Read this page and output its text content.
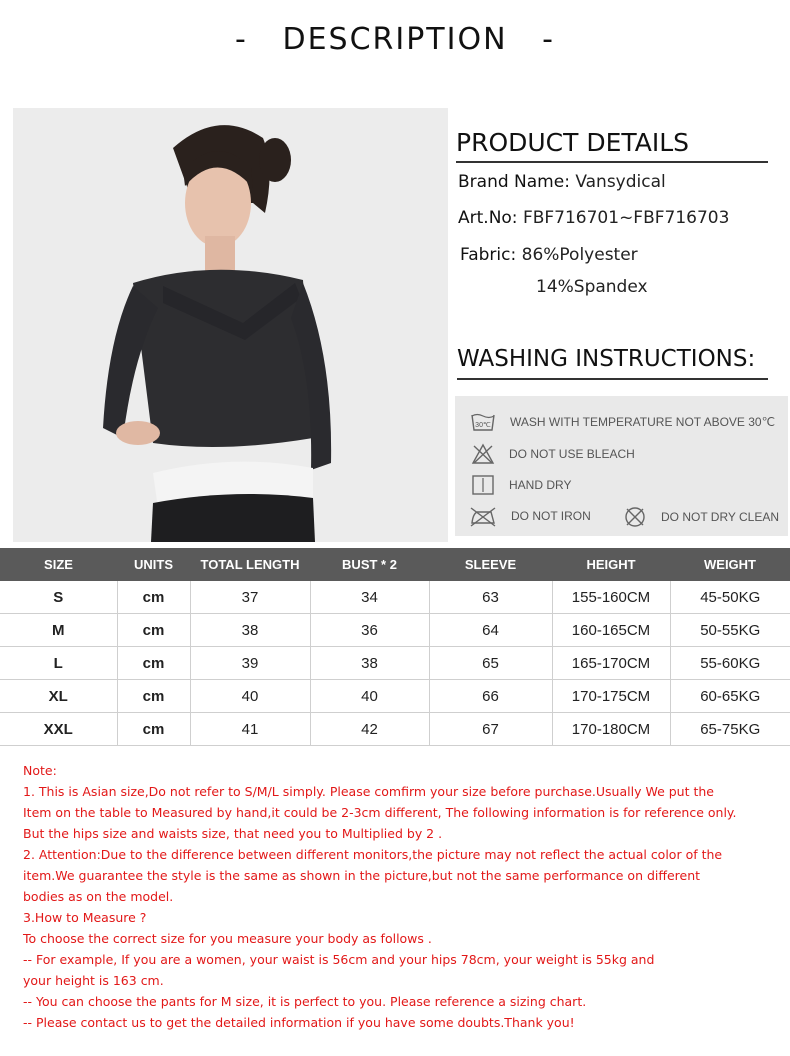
-   DESCRIPTION   -
PRODUCT DETAILS
Brand Name: Vansydical
Art.No: FBF716701~FBF716703
Fabric: 86%Polyester
14%Spandex
WASHING INSTRUCTIONS:
30℃ WASH WITH TEMPERATURE NOT ABOVE 30℃
DO NOT USE BLEACH
HAND DRY
DO NOT IRON	DO NOT DRY CLEAN
SIZE	UNITS	TOTAL LENGTH	BUST * 2	SLEEVE	HEIGHT	WEIGHT
S	cm	37	34	63	155-160CM	45-50KG
M	cm	38	36	64	160-165CM	50-55KG
L	cm	39	38	65	165-170CM	55-60KG
XL	cm	40	40	66	170-175CM	60-65KG
XXL	cm	41	42	67	170-180CM	65-75KG
Note:
1. This is Asian size,Do not refer to S/M/L simply. Please comfirm your size before purchase.Usually We put the
Item on the table to Measured by hand,it could be 2-3cm different, The following information is for reference only.
But the hips size and waists size, that need you to Multiplied by 2 .
2. Attention:Due to the difference between different monitors,the picture may not reflect the actual color of the
item.We guarantee the style is the same as shown in the picture,but not the same performance on different
bodies as on the model.
3.How to Measure ?
To choose the correct size for you measure your body as follows .
-- For example, If you are a women, your waist is 56cm and your hips 78cm, your weight is 55kg and
your height is 163 cm.
-- You can choose the pants for M size, it is perfect to you. Please reference a sizing chart.
-- Please contact us to get the detailed information if you have some doubts.Thank you!
